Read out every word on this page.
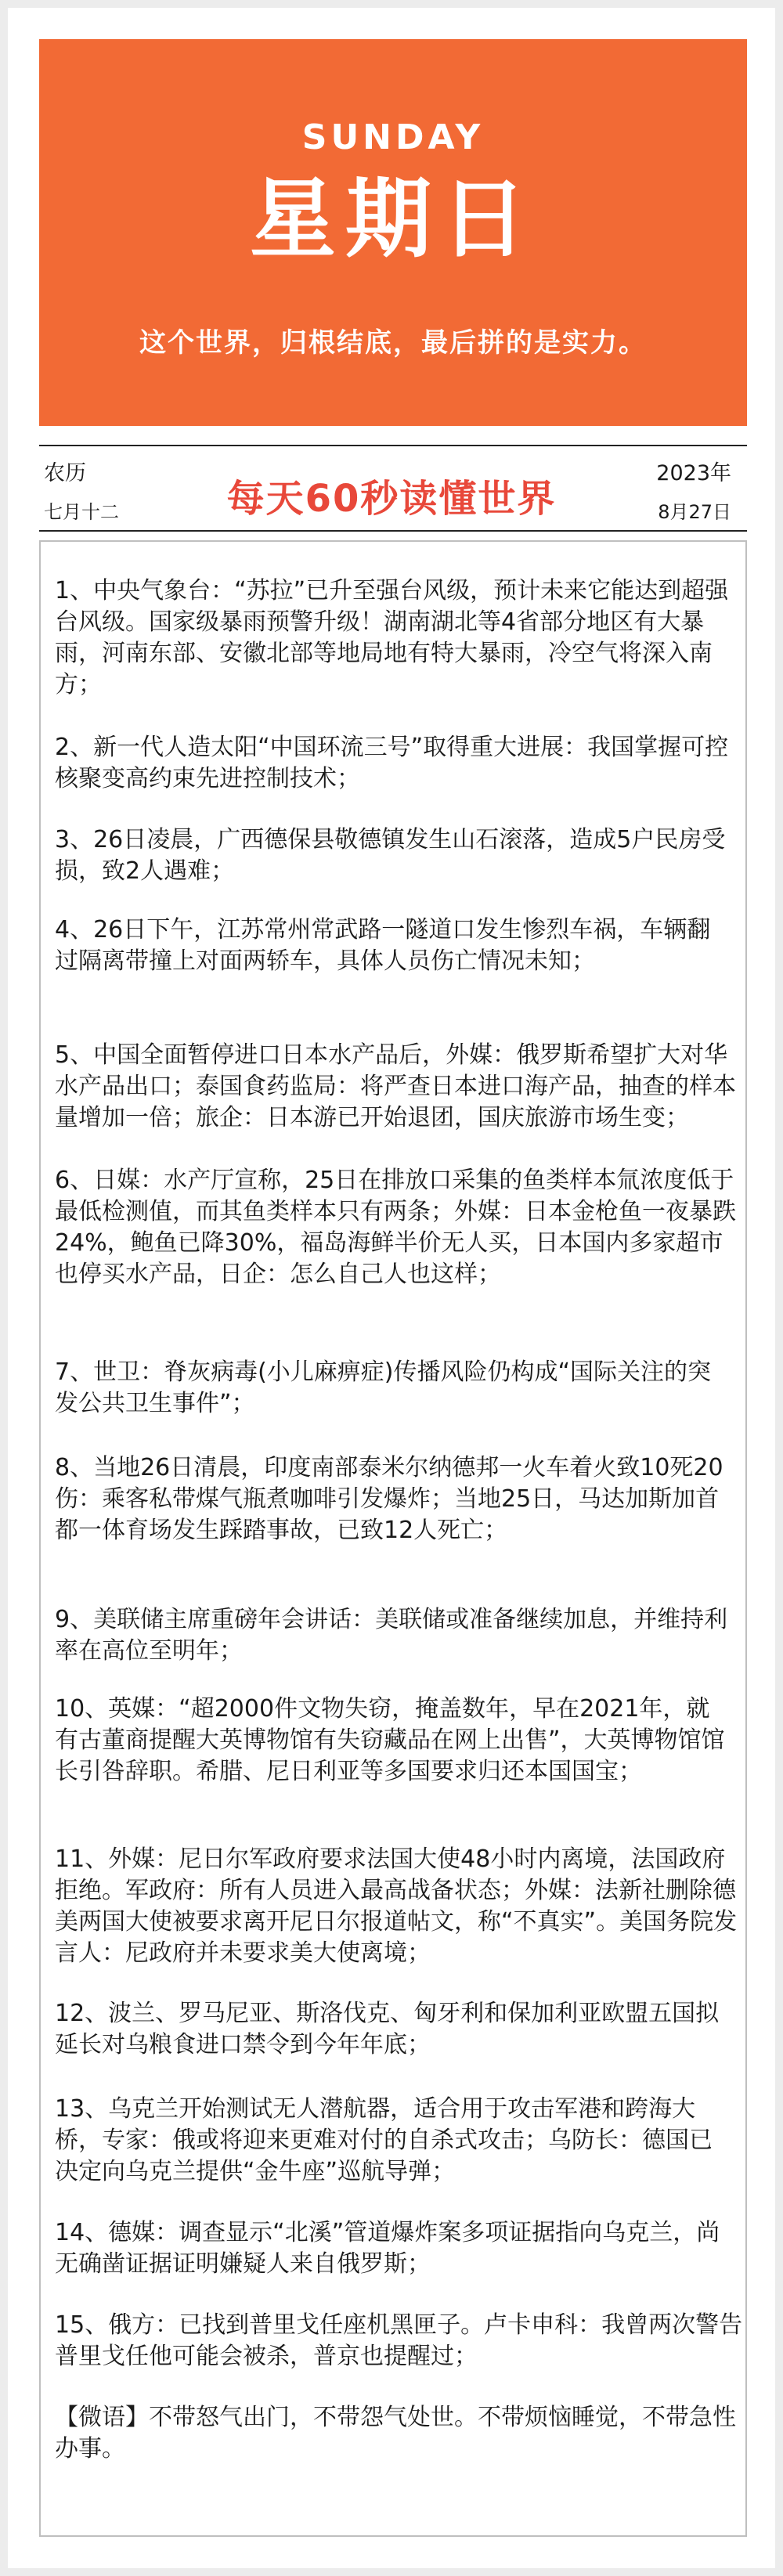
SUNDAY
星期日
这个世界，归根结底，最后拼的是实力。
农历
七月十二	每天60秒读懂世界
2023年
8月27日

1、中央气象台：“苏拉”已升至强台风级，预计未来它能达到超强台风级。国家级暴雨预警升级！湖南湖北等4省部分地区有大暴雨，河南东部、安徽北部等地局地有特大暴雨，冷空气将深入南方；

2、新一代人造太阳“中国环流三号”取得重大进展：我国掌握可控核聚变高约束先进控制技术；

3、26日凌晨，广西德保县敬德镇发生山石滚落，造成5户民房受损，致2人遇难；

4、26日下午，江苏常州常武路一隧道口发生惨烈车祸，车辆翻过隔离带撞上对面两轿车，具体人员伤亡情况未知；

5、中国全面暂停进口日本水产品后，外媒：俄罗斯希望扩大对华水产品出口；泰国食药监局：将严查日本进口海产品，抽查的样本量增加一倍；旅企：日本游已开始退团，国庆旅游市场生变；

6、日媒：水产厅宣称，25日在排放口采集的鱼类样本氚浓度低于最低检测值，而其鱼类样本只有两条；外媒：日本金枪鱼一夜暴跌24%，鲍鱼已降30%，福岛海鲜半价无人买，日本国内多家超市也停买水产品，日企：怎么自己人也这样；

7、世卫：脊灰病毒(小儿麻痹症)传播风险仍构成“国际关注的突发公共卫生事件”；

8、当地26日清晨，印度南部泰米尔纳德邦一火车着火致10死20伤：乘客私带煤气瓶煮咖啡引发爆炸；当地25日，马达加斯加首都一体育场发生踩踏事故，已致12人死亡；

9、美联储主席重磅年会讲话：美联储或准备继续加息，并维持利率在高位至明年；

10、英媒：“超2000件文物失窃，掩盖数年，早在2021年，就有古董商提醒大英博物馆有失窃藏品在网上出售”，大英博物馆馆长引咎辞职。希腊、尼日利亚等多国要求归还本国国宝；

11、外媒：尼日尔军政府要求法国大使48小时内离境，法国政府拒绝。军政府：所有人员进入最高战备状态；外媒：法新社删除德美两国大使被要求离开尼日尔报道帖文，称“不真实”。美国务院发言人：尼政府并未要求美大使离境；

12、波兰、罗马尼亚、斯洛伐克、匈牙利和保加利亚欧盟五国拟延长对乌粮食进口禁令到今年年底；

13、乌克兰开始测试无人潜航器，适合用于攻击军港和跨海大桥，专家：俄或将迎来更难对付的自杀式攻击；乌防长：德国已决定向乌克兰提供“金牛座”巡航导弹；

14、德媒：调查显示“北溪”管道爆炸案多项证据指向乌克兰，尚无确凿证据证明嫌疑人来自俄罗斯；

15、俄方：已找到普里戈任座机黑匣子。卢卡申科：我曾两次警告普里戈任他可能会被杀，普京也提醒过；

【微语】不带怒气出门，不带怨气处世。不带烦恼睡觉，不带急性办事。
